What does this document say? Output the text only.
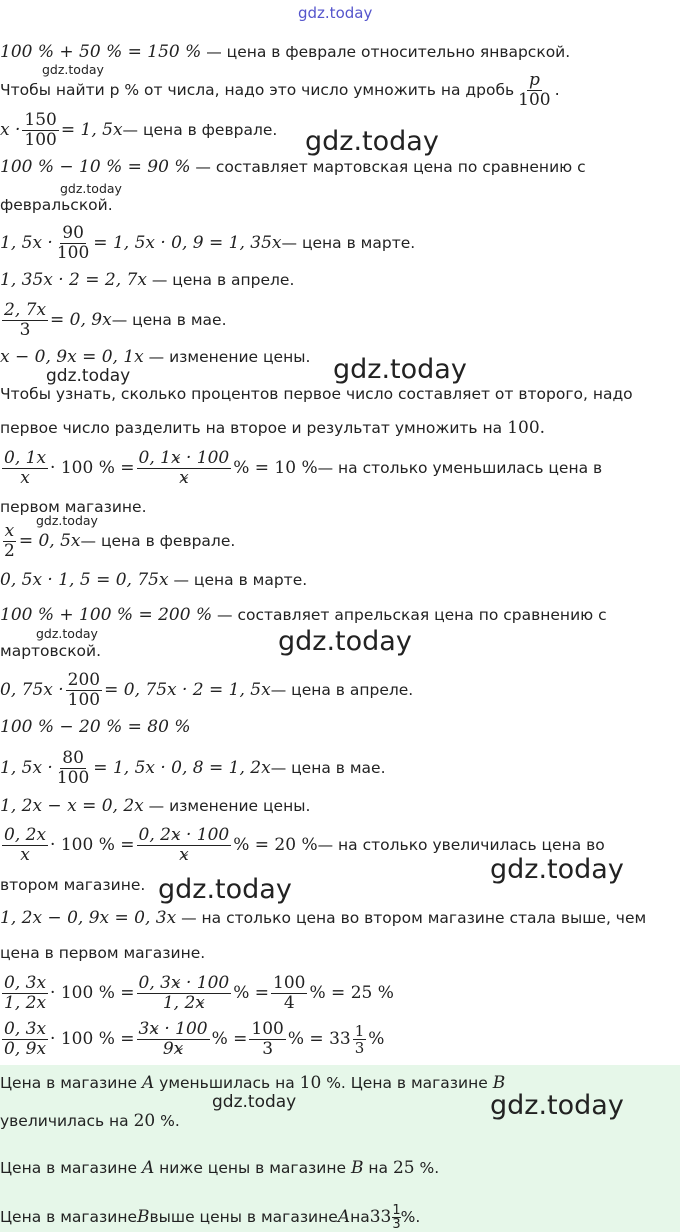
gdz.today
gdz.today
gdz.today
gdz.today
gdz.today
gdz.today
gdz.today
gdz.today	gdz.today
gdz.today
gdz.today
gdz.today	gdz.today
100 % + 50 % = 150 % — цена в феврале относительно январской.
Чтобы найти p % от числа, надо это число умножить на дробь
p
100 .
$x \cdot \frac{150}{100} = 1$, 5x — цена в феврале.
100 % − 10 % = 90 % — составляет мартовская цена по сравнению с
февральской.
1, $5x \cdot \frac{90}{100} = 1$, 5x · 0, 9 = 1, 35x — цена в марте.
1, 35x · 2 = 2, 7x — цена в апреле.
$\frac{2, 7x}{3} = 0$, 9x — цена в мае.
x − 0, 9x = 0, 1x — изменение цены.
Чтобы узнать, сколько процентов первое число составляет от второго, надо
первое число разделить на второе и результат умножить на 100.
0, 1x
x · 100 % = $\frac{0, 1x \cdot 100}{x}$ % = 10 % — на столько уменьшилась цена в
первом магазине.
$\frac{x}{2} = 0$, 5x — цена в феврале.
0, 5x · 1, 5 = 0, 75x — цена в марте.
100 % + 100 % = 200 % — составляет апрельская цена по сравнению с
мартовской.
0, $75x \cdot \frac{200}{100} = 0$, 75x · 2 = 1, 5x — цена в апреле.
100 % − 20 % = 80 %
1, $5x \cdot \frac{80}{100} = 1$, 5x · 0, 8 = 1, 2x — цена в мае.
1, 2x − x = 0, 2x — изменение цены.
0, 2x
x · 100 % = $\frac{0, 2x \cdot 100}{x}$ % = 20 % — на столько увеличилась цена во
втором магазине.
1, 2x − 0, 9x = 0, 3x — на столько цена во втором магазине стала выше, чем
цена в первом магазине.
0, 3x
1, 2x · 100 % = $\frac{0, 3x \cdot 100}{1, 2x}$ % = $\frac{100}{4}$ % = 25 %
0, 3x
0, 9x · 100 % = $\frac{3x \cdot 100}{9x}$ % = $\frac{100}{3}$ % = 33 1
3 %
Цена в магазине A уменьшилась на 10 %. Цена в магазине B
увеличилась на 20 %.
Цена в магазине A ниже цены в магазине B на 25 %.
Цена в магазине B выше цены в магазине A на 33 1
3 %.
